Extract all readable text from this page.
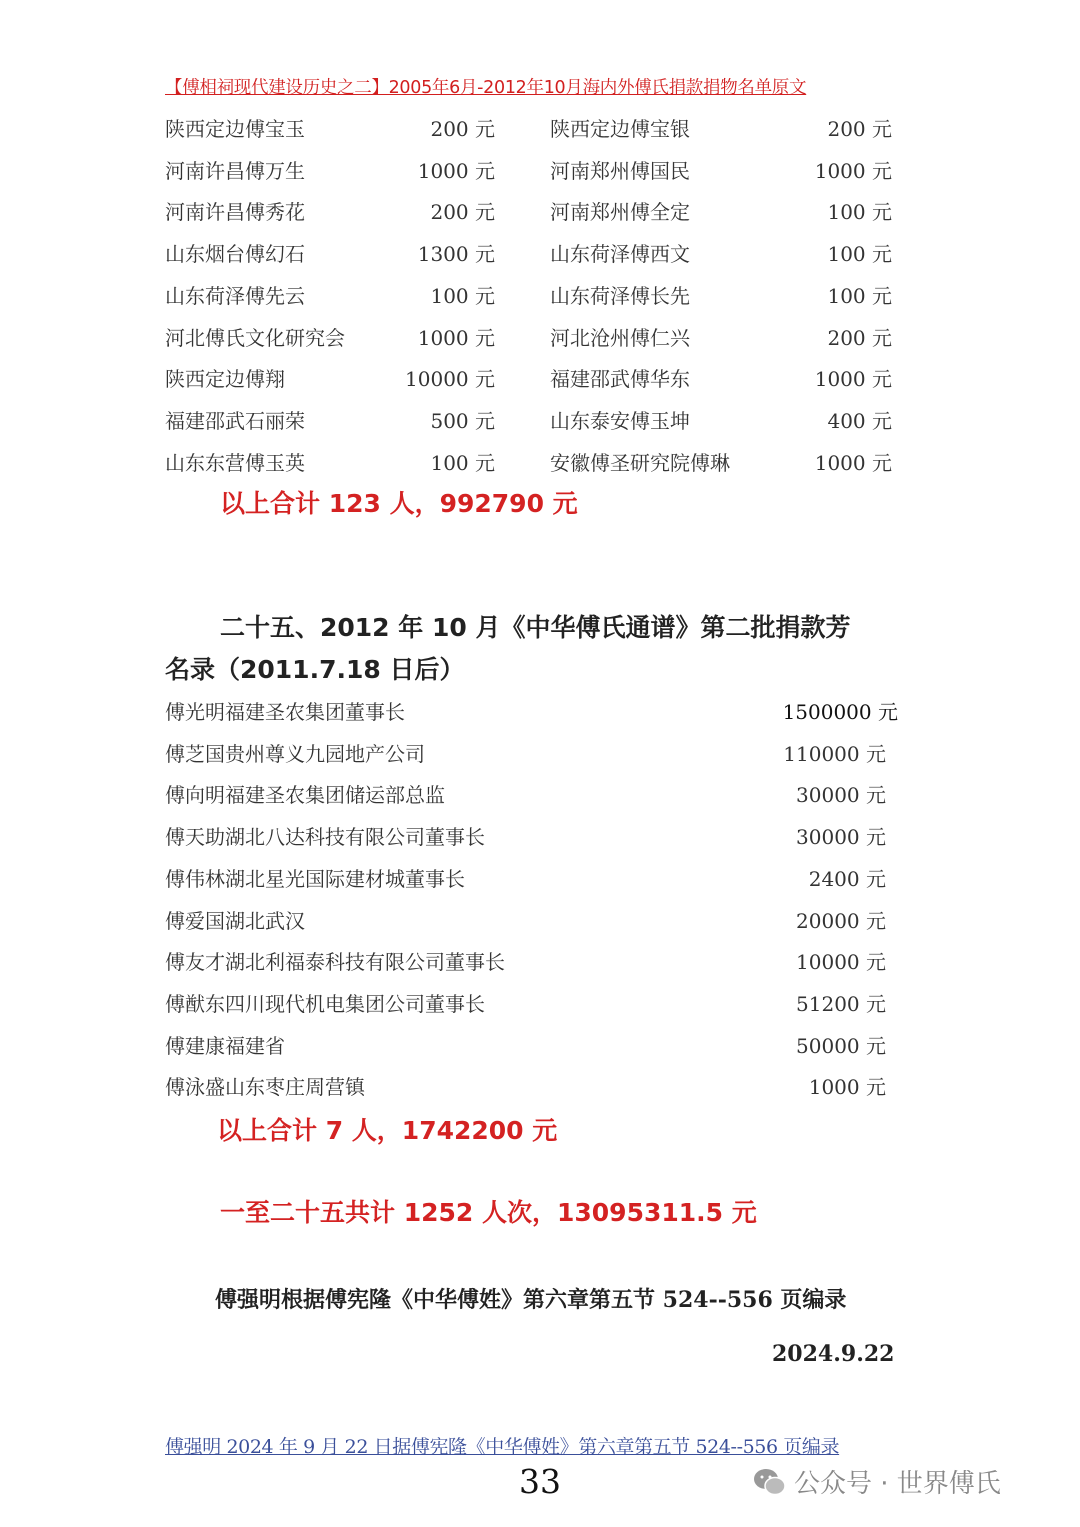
【傅相祠现代建设历史之二】2005年6月-2012年10月海内外傅氏捐款捐物名单原文
陕西定边傅宝玉	200 元	陕西定边傅宝银	200 元
河南许昌傅万生	1000 元	河南郑州傅国民	1000 元
河南许昌傅秀花	200 元	河南郑州傅全定	100 元
山东烟台傅幻石	1300 元	山东荷泽傅西文	100 元
山东荷泽傅先云	100 元	山东荷泽傅长先	100 元
河北傅氏文化研究会	1000 元	河北沧州傅仁兴	200 元
陕西定边傅翔	10000 元	福建邵武傅华东	1000 元
福建邵武石丽荣	500 元	山东泰安傅玉坤	400 元
山东东营傅玉英	100 元	安徽傅圣研究院傅琳	1000 元
以上合计 123 人，992790 元
二十五、2012 年 10 月《中华傅氏通谱》第二批捐款芳
名录（2011.7.18 日后）
傅光明福建圣农集团董事长	1500000 元
傅芝国贵州尊义九园地产公司	110000 元
傅向明福建圣农集团储运部总监	30000 元
傅天助湖北八达科技有限公司董事长	30000 元
傅伟林湖北星光国际建材城董事长	2400 元
傅爱国湖北武汉	20000 元
傅友才湖北利福泰科技有限公司董事长	10000 元
傅猷东四川现代机电集团公司董事长	51200 元
傅建康福建省	50000 元
傅泳盛山东枣庄周营镇	1000 元
以上合计 7 人，1742200 元
一至二十五共计 1252 人次，13095311.5 元
傅强明根据傅宪隆《中华傅姓》第六章第五节 524--556 页编录
2024.9.22
傅强明 2024 年 9 月 22 日据傅宪隆《中华傅姓》第六章第五节 524--556 页编录
33	公众号 · 世界傅氏
